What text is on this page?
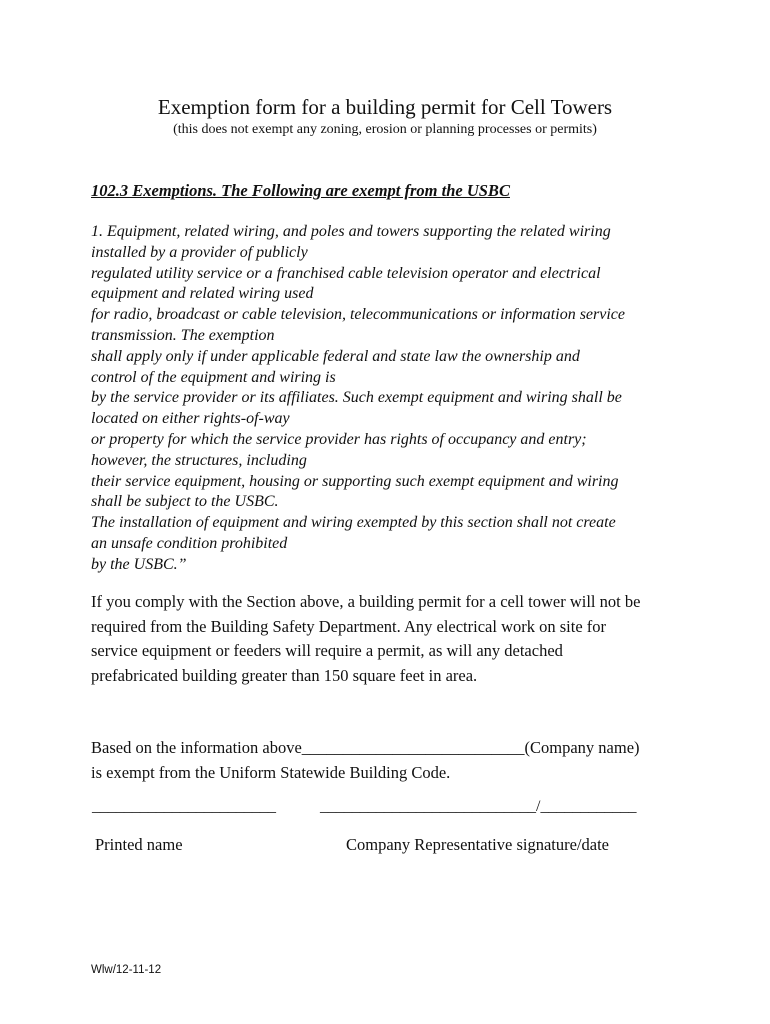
Exemption form for a building permit for Cell Towers
(this does not exempt any zoning, erosion or planning processes or permits)
102.3 Exemptions. The Following are exempt from the USBC
1. Equipment, related wiring, and poles and towers supporting the related wiring
installed by a provider of publicly
regulated utility service or a franchised cable television operator and electrical
equipment and related wiring used
for radio, broadcast or cable television, telecommunications or information service
transmission. The exemption
shall apply only if under applicable federal and state law the ownership and
control of the equipment and wiring is
by the service provider or its affiliates. Such exempt equipment and wiring shall be
located on either rights-of-way
or property for which the service provider has rights of occupancy and entry;
however, the structures, including
their service equipment, housing or supporting such exempt equipment and wiring
shall be subject to the USBC.
The installation of equipment and wiring exempted by this section shall not create
an unsafe condition prohibited
by the USBC.”
If you comply with the Section above, a building permit for a cell tower will not be
required from the Building Safety Department. Any electrical work on site for
service equipment or feeders will require a permit, as will any detached
prefabricated building greater than 150 square feet in area.
Based on the information above___________________________(Company name)
is exempt from the Uniform Statewide Building Code.
_______________________	___________________________/____________
Printed name	Company Representative signature/date
Wlw/12-11-12
